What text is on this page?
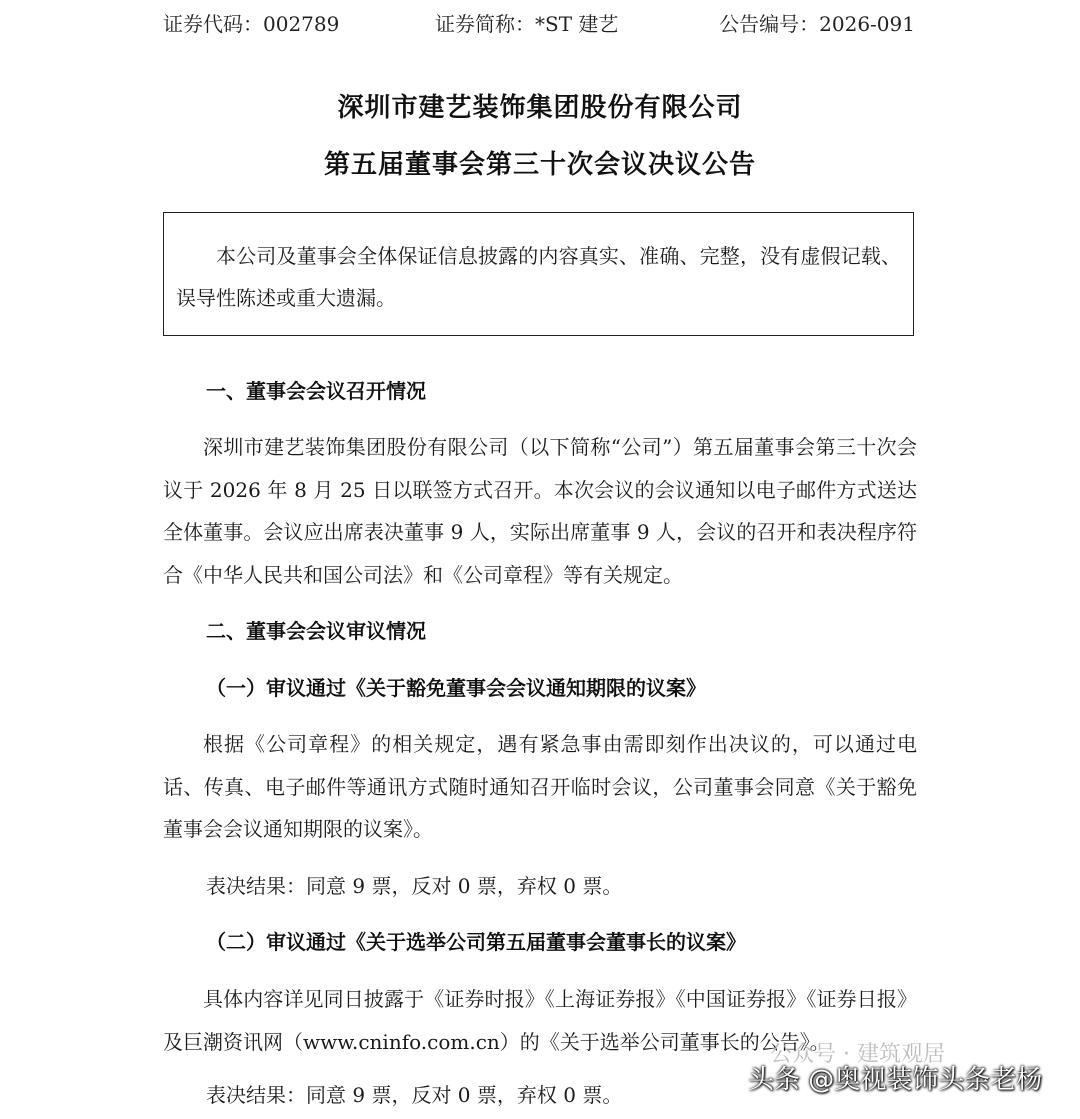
证券代码：002789	证券简称：*ST 建艺	公告编号：2026-091
深圳市建艺装饰集团股份有限公司
第五届董事会第三十次会议决议公告
本公司及董事会全体保证信息披露的内容真实、准确、完整，没有虚假记载、误导性陈述或重大遗漏。
一、董事会会议召开情况
深圳市建艺装饰集团股份有限公司（以下简称“公司”）第五届董事会第三十次会议于 2026 年 8 月 25 日以联签方式召开。本次会议的会议通知以电子邮件方式送达全体董事。会议应出席表决董事 9 人，实际出席董事 9 人，会议的召开和表决程序符合《中华人民共和国公司法》和《公司章程》等有关规定。
二、董事会会议审议情况
（一）审议通过《关于豁免董事会会议通知期限的议案》
根据《公司章程》的相关规定，遇有紧急事由需即刻作出决议的，可以通过电话、传真、电子邮件等通讯方式随时通知召开临时会议，公司董事会同意《关于豁免董事会会议通知期限的议案》。
表决结果：同意 9 票，反对 0 票，弃权 0 票。
（二）审议通过《关于选举公司第五届董事会董事长的议案》
具体内容详见同日披露于《证券时报》《上海证券报》《中国证券报》《证券日报》及巨潮资讯网（www.cninfo.com.cn）的《关于选举公司董事长的公告》。
表决结果：同意 9 票，反对 0 票，弃权 0 票。
公众号 · 建筑观居
头条 @奥视装饰头条老杨
